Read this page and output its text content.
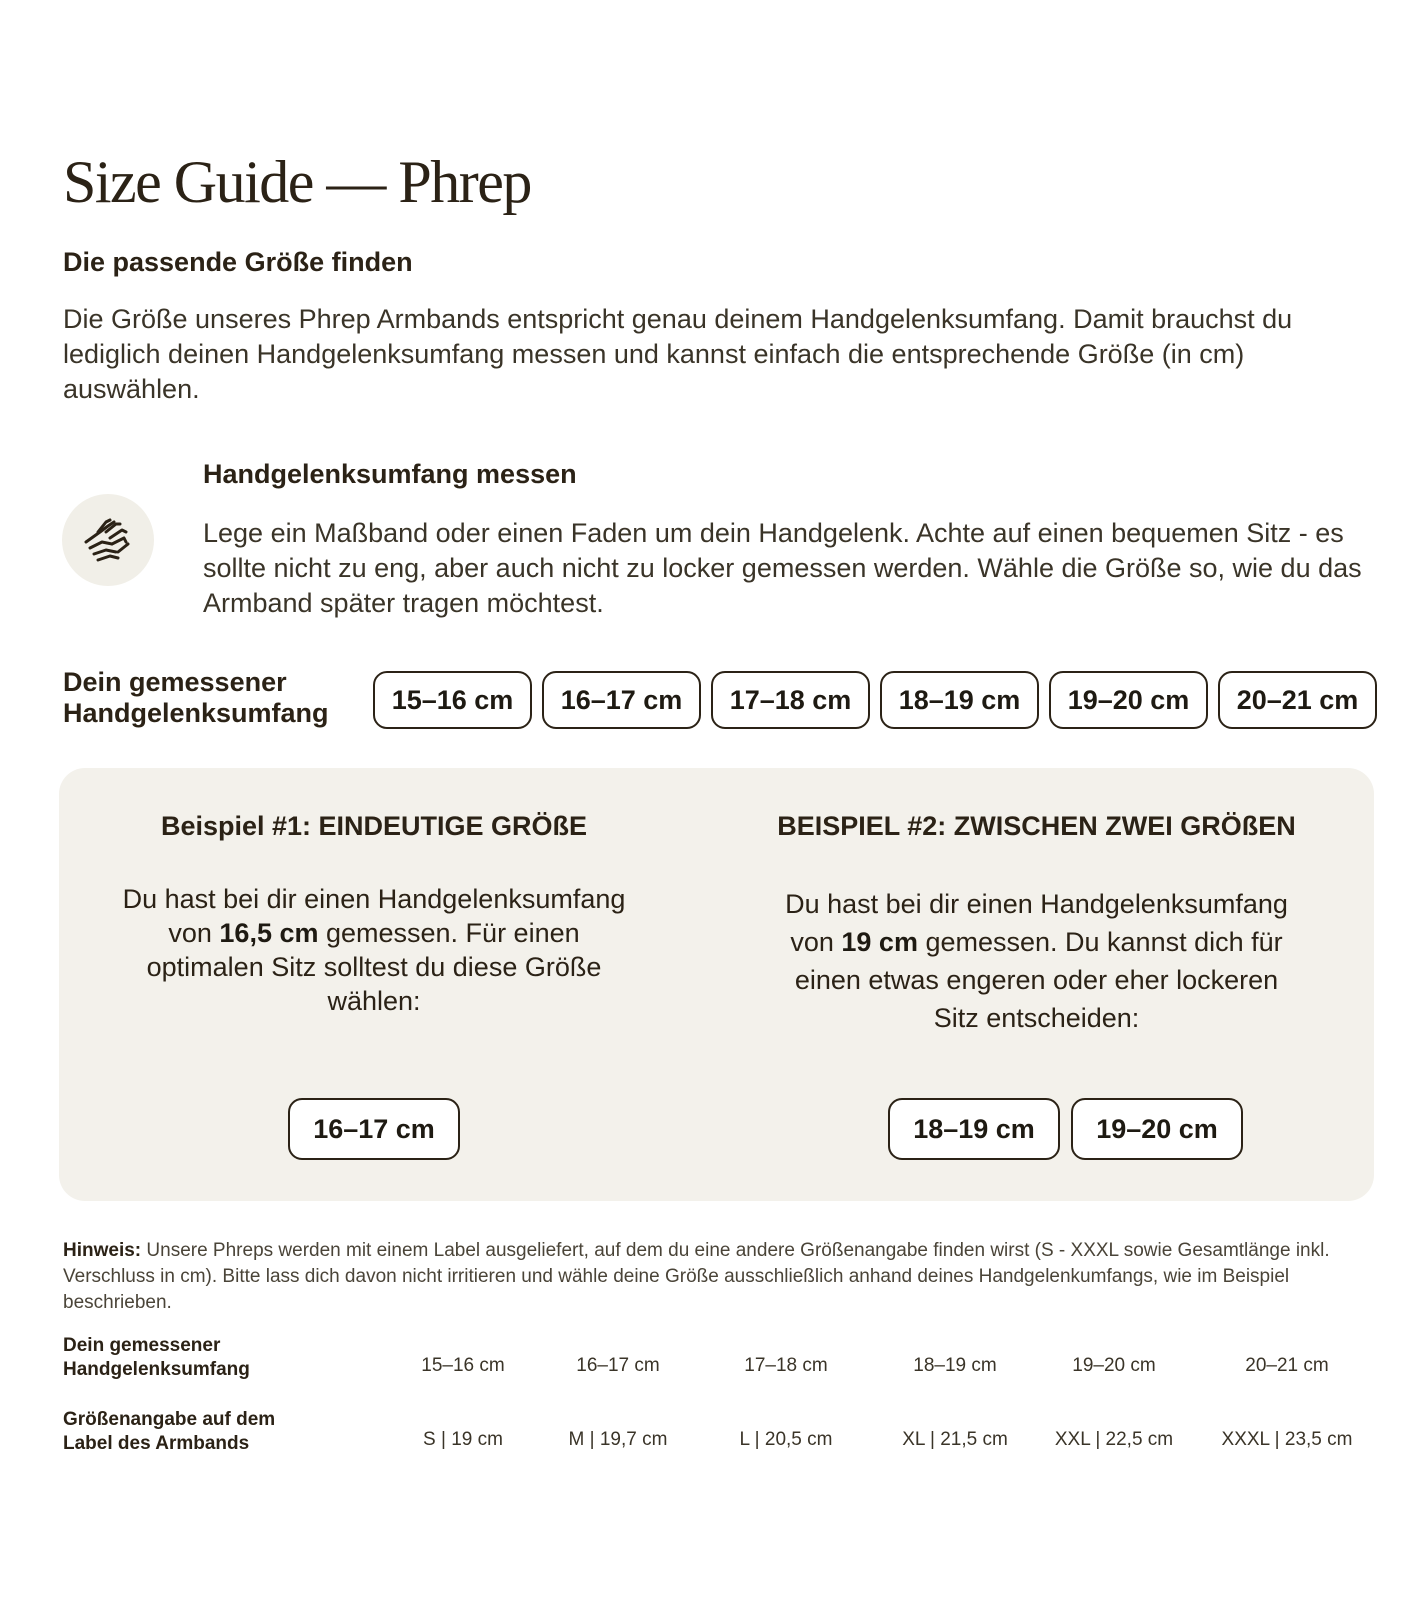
Size Guide — Phrep
Die passende Größe finden

Die Größe unseres Phrep Armbands entspricht genau deinem Handgelenksumfang. Damit brauchst du lediglich deinen Handgelenksumfang messen und kannst einfach die entsprechende Größe (in cm) auswählen.

Handgelenksumfang messen

Lege ein Maßband oder einen Faden um dein Handgelenk. Achte auf einen bequemen Sitz - es sollte nicht zu eng, aber auch nicht zu locker gemessen werden. Wähle die Größe so, wie du das Armband später tragen möchtest.

Dein gemessener
Handgelenksumfang	15–16 cm	16–17 cm	17–18 cm	18–19 cm	19–20 cm	20–21 cm
Beispiel #1: EINDEUTIGE GRÖßE
Du hast bei dir einen Handgelenksumfang
von 16,5 cm gemessen. Für einen
optimalen Sitz solltest du diese Größe
wählen:
16–17 cm
BEISPIEL #2: ZWISCHEN ZWEI GRÖßEN
Du hast bei dir einen Handgelenksumfang
von 19 cm gemessen. Du kannst dich für
einen etwas engeren oder eher lockeren
Sitz entscheiden:
18–19 cm	19–20 cm

Hinweis: Unsere Phreps werden mit einem Label ausgeliefert, auf dem du eine andere Größenangabe finden wirst (S - XXXL sowie Gesamtlänge inkl. Verschluss in cm). Bitte lass dich davon nicht irritieren und wähle deine Größe ausschließlich anhand deines Handgelenkumfangs, wie im Beispiel beschrieben.

Dein gemessener
Handgelenksumfang	15–16 cm	16–17 cm	17–18 cm	18–19 cm	19–20 cm	20–21 cm
Größenangabe auf dem
Label des Armbands	S | 19 cm	M | 19,7 cm	L | 20,5 cm	XL | 21,5 cm	XXL | 22,5 cm	XXXL | 23,5 cm
